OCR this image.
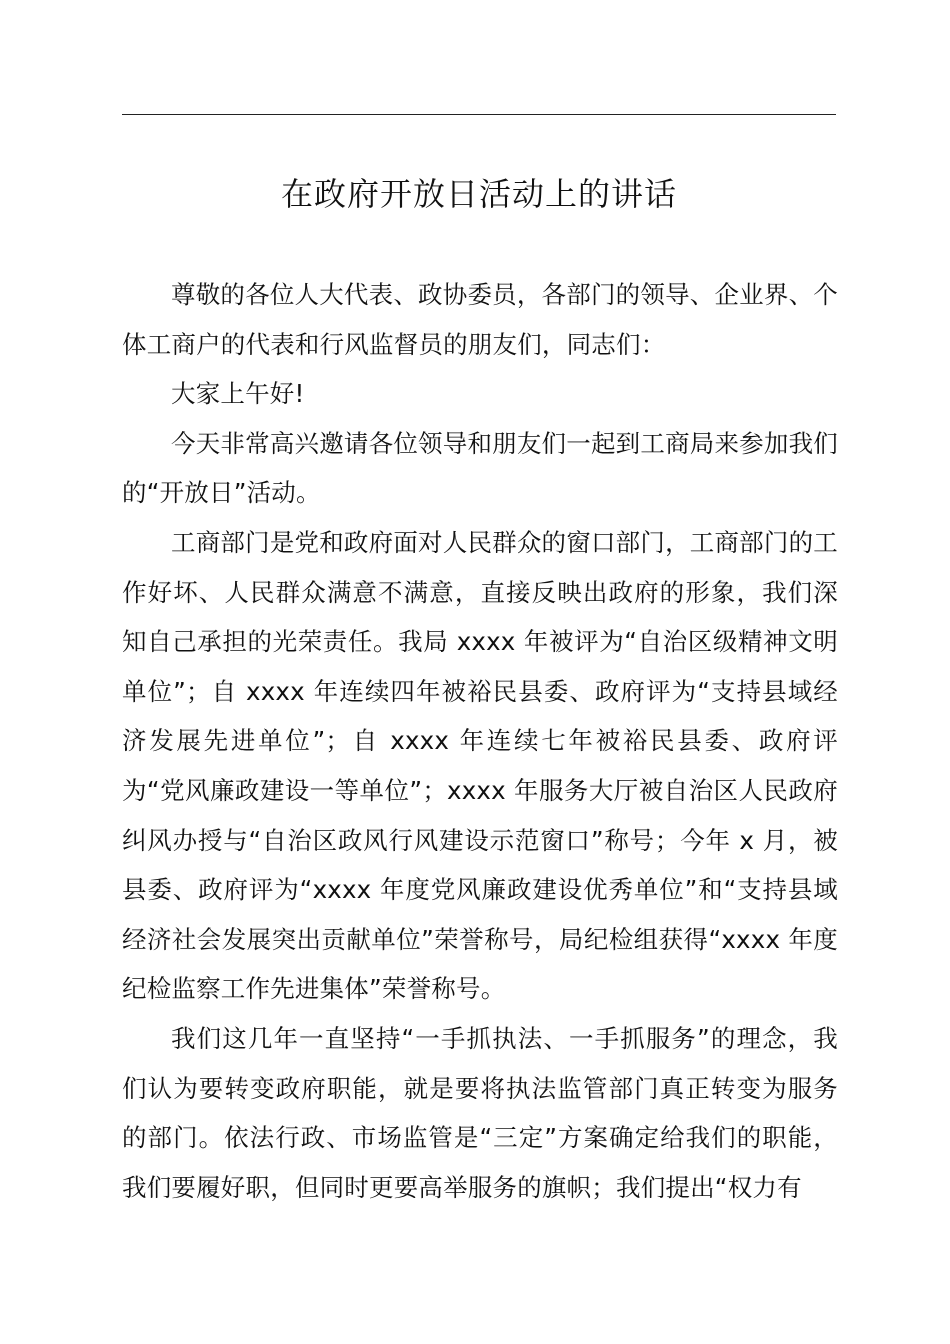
在政府开放日活动上的讲话

尊敬的各位人大代表、政协委员，各部门的领导、企业界、个体工商户的代表和行风监督员的朋友们，同志们：

大家上午好!

今天非常高兴邀请各位领导和朋友们一起到工商局来参加我们的“开放日”活动。

工商部门是党和政府面对人民群众的窗口部门，工商部门的工作好坏、人民群众满意不满意，直接反映出政府的形象，我们深知自己承担的光荣责任。我局 xxxx 年被评为“自治区级精神文明单位”；自 xxxx 年连续四年被裕民县委、政府评为“支持县域经济发展先进单位”；自 xxxx 年连续七年被裕民县委、政府评为“党风廉政建设一等单位”；xxxx 年服务大厅被自治区人民政府纠风办授与“自治区政风行风建设示范窗口”称号；今年 x 月，被县委、政府评为“xxxx 年度党风廉政建设优秀单位”和“支持县域经济社会发展突出贡献单位”荣誉称号，局纪检组获得“xxxx 年度纪检监察工作先进集体”荣誉称号。

我们这几年一直坚持“一手抓执法、一手抓服务”的理念，我们认为要转变政府职能，就是要将执法监管部门真正转变为服务的部门。依法行政、市场监管是“三定”方案确定给我们的职能，我们要履好职，但同时更要高举服务的旗帜；我们提出“权力有
